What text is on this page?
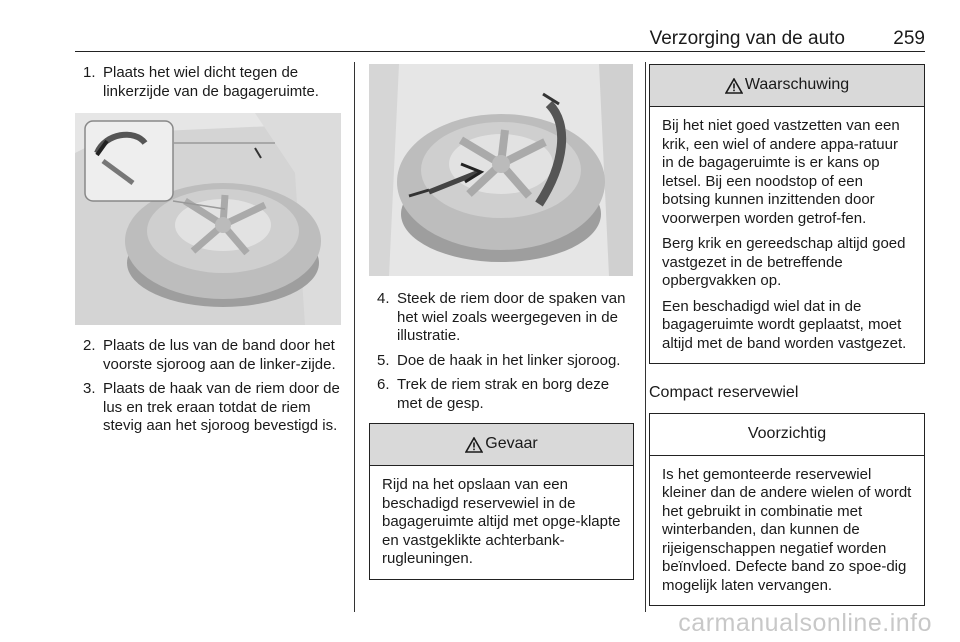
Verzorging van de auto	259
1. Plaats het wiel dicht tegen de linkerzijde van de bagageruimte.
2. Plaats de lus van de band door het voorste sjoroog aan de linker-zijde.
3. Plaats de haak van de riem door de lus en trek eraan totdat de riem stevig aan het sjoroog bevestigd is.
4. Steek de riem door de spaken van het wiel zoals weergegeven in de illustratie.
5. Doe de haak in het linker sjoroog.
6. Trek de riem strak en borg deze met de gesp.
Gevaar

Rijd na het opslaan van een beschadigd reservewiel in de bagageruimte altijd met opge-klapte en vastgeklikte achterbank-rugleuningen.

Waarschuwing

Bij het niet goed vastzetten van een krik, een wiel of andere appa-ratuur in de bagageruimte is er kans op letsel. Bij een noodstop of een botsing kunnen inzittenden door voorwerpen worden getrof-fen.

Berg krik en gereedschap altijd goed vastgezet in de betreffende opbergvakken op.

Een beschadigd wiel dat in de bagageruimte wordt geplaatst, moet altijd met de band worden vastgezet.

Compact reservewiel
Voorzichtig

Is het gemonteerde reservewiel kleiner dan de andere wielen of wordt het gebruikt in combinatie met winterbanden, dan kunnen de rijeigenschappen negatief worden beïnvloed. Defecte band zo spoe-dig mogelijk laten vervangen.

carmanualsonline.info
